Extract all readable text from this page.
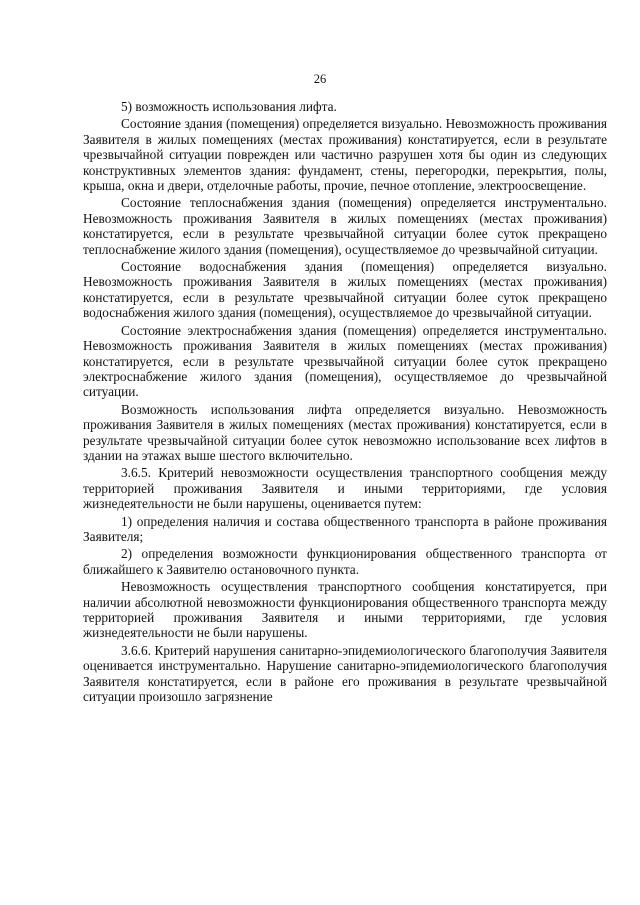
26

5) возможность использования лифта.

Состояние здания (помещения) определяется визуально. Невозможность проживания Заявителя в жилых помещениях (местах проживания) констатируется, если в результате чрезвычайной ситуации поврежден или частично разрушен хотя бы один из следующих конструктивных элементов здания: фундамент, стены, перегородки, перекрытия, полы, крыша, окна и двери, отделочные работы, прочие, печное отопление, электроосвещение.

Состояние теплоснабжения здания (помещения) определяется инструментально. Невозможность проживания Заявителя в жилых помещениях (местах проживания) констатируется, если в результате чрезвычайной ситуации более суток прекращено теплоснабжение жилого здания (помещения), осуществляемое до чрезвычайной ситуации.

Состояние водоснабжения здания (помещения) определяется визуально. Невозможность проживания Заявителя в жилых помещениях (местах проживания) констатируется, если в результате чрезвычайной ситуации более суток прекращено водоснабжения жилого здания (помещения), осуществляемое до чрезвычайной ситуации.

Состояние электроснабжения здания (помещения) определяется инструментально. Невозможность проживания Заявителя в жилых помещениях (местах проживания) констатируется, если в результате чрезвычайной ситуации более суток прекращено электроснабжение жилого здания (помещения), осуществляемое до чрезвычайной ситуации.

Возможность использования лифта определяется визуально. Невозможность проживания Заявителя в жилых помещениях (местах проживания) констатируется, если в результате чрезвычайной ситуации более суток невозможно использование всех лифтов в здании на этажах выше шестого включительно.

3.6.5. Критерий невозможности осуществления транспортного сообщения между территорией проживания Заявителя и иными территориями, где условия жизнедеятельности не были нарушены, оценивается путем:

1) определения наличия и состава общественного транспорта в районе проживания Заявителя;

2) определения возможности функционирования общественного транспорта от ближайшего к Заявителю остановочного пункта.

Невозможность осуществления транспортного сообщения констатируется, при наличии абсолютной невозможности функционирования общественного транспорта между территорией проживания Заявителя и иными территориями, где условия жизнедеятельности не были нарушены.

3.6.6. Критерий нарушения санитарно-эпидемиологического благополучия Заявителя оценивается инструментально. Нарушение санитарно-эпидемиологического благополучия Заявителя констатируется, если в районе его проживания в результате чрезвычайной ситуации произошло загрязнение
